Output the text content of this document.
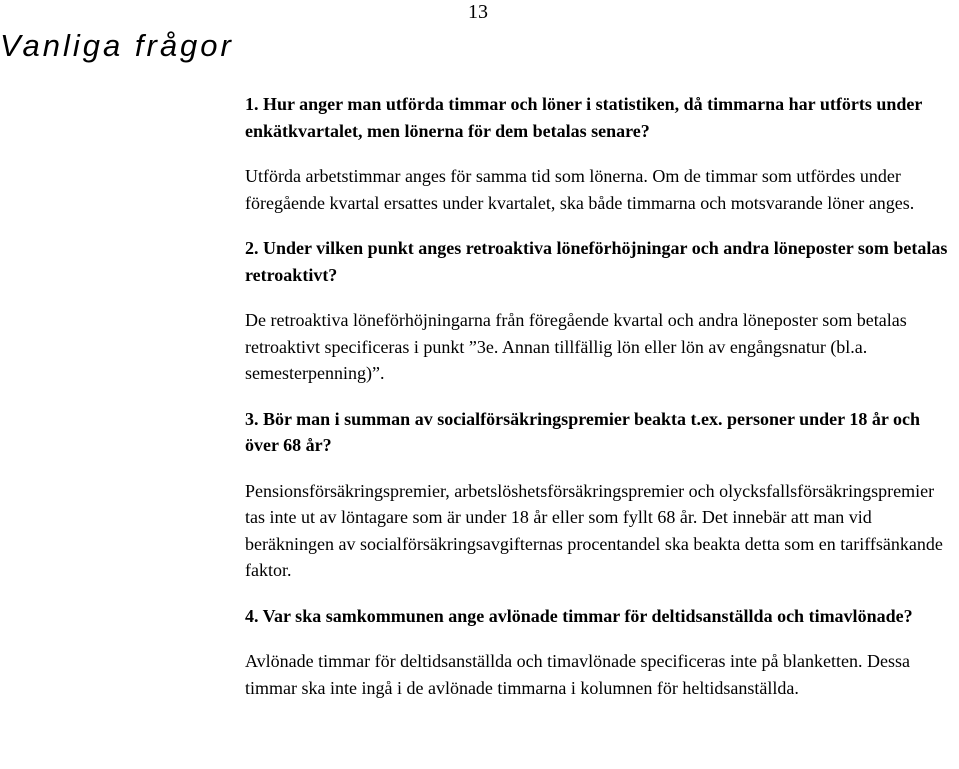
13
Vanliga frågor

1. Hur anger man utförda timmar och löner i statistiken, då timmarna har utförts under enkätkvartalet, men lönerna för dem betalas senare?

Utförda arbetstimmar anges för samma tid som lönerna. Om de timmar som utfördes under föregående kvartal ersattes under kvartalet, ska både timmarna och motsvarande löner anges.

2. Under vilken punkt anges retroaktiva löneförhöjningar och andra löneposter som betalas retroaktivt?

De retroaktiva löneförhöjningarna från föregående kvartal och andra löneposter som betalas retroaktivt specificeras i punkt ”3e. Annan tillfällig lön eller lön av engångsnatur (bl.a. semesterpenning)”.

3. Bör man i summan av socialförsäkringspremier beakta t.ex. personer under 18 år och över 68 år?

Pensionsförsäkringspremier, arbetslöshetsförsäkringspremier och olycksfallsförsäkringspremier tas inte ut av löntagare som är under 18 år eller som fyllt 68 år. Det innebär att man vid beräkningen av socialförsäkringsavgifternas procentandel ska beakta detta som en tariffsänkande faktor.

4. Var ska samkommunen ange avlönade timmar för deltidsanställda och timavlönade?

Avlönade timmar för deltidsanställda och timavlönade specificeras inte på blanketten. Dessa timmar ska inte ingå i de avlönade timmarna i kolumnen för heltidsanställda.
